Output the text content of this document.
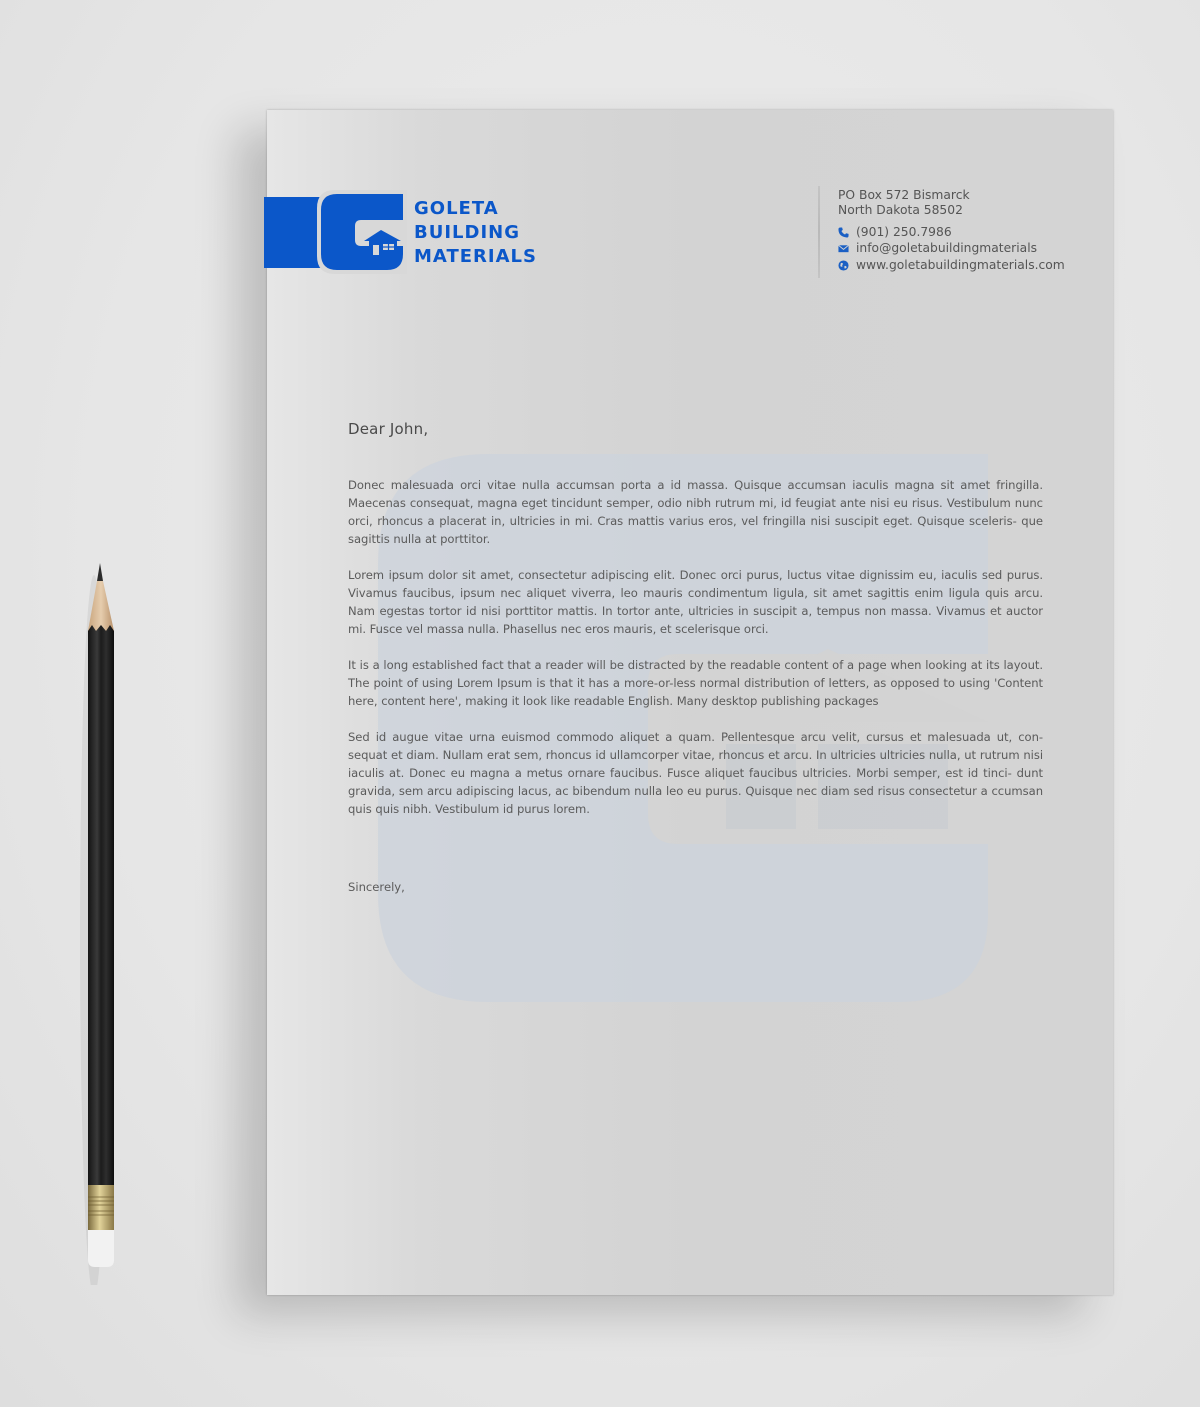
GOLETA
BUILDING
MATERIALS
PO Box 572 Bismarck
North Dakota 58502
(901) 250.7986
info@goletabuildingmaterials
www.goletabuildingmaterials.com

Dear John,

Donec malesuada orci vitae nulla accumsan porta a id massa. Quisque accumsan iaculis magna sit amet fringilla. Maecenas consequat, magna eget tincidunt semper, odio nibh rutrum mi, id feugiat ante nisi eu risus. Vestibulum nunc orci, rhoncus a placerat in, ultricies in mi. Cras mattis varius eros, vel fringilla nisi suscipit eget. Quisque sceleris- que sagittis nulla at porttitor.

Lorem ipsum dolor sit amet, consectetur adipiscing elit. Donec orci purus, luctus vitae dignissim eu, iaculis sed purus. Vivamus faucibus, ipsum nec aliquet viverra, leo mauris condimentum ligula, sit amet sagittis enim ligula quis arcu. Nam egestas tortor id nisi porttitor mattis. In tortor ante, ultricies in suscipit a, tempus non massa. Vivamus et auctor mi. Fusce vel massa nulla. Phasellus nec eros mauris, et scelerisque orci.

It is a long established fact that a reader will be distracted by the readable content of a page when looking at its layout. The point of using Lorem Ipsum is that it has a more-or-less normal distribution of letters, as opposed to using 'Content here, content here', making it look like readable English. Many desktop publishing packages

Sed id augue vitae urna euismod commodo aliquet a quam. Pellentesque arcu velit, cursus et malesuada ut, con- sequat et diam. Nullam erat sem, rhoncus id ullamcorper vitae, rhoncus et arcu. In ultricies ultricies nulla, ut rutrum nisi iaculis at. Donec eu magna a metus ornare faucibus. Fusce aliquet faucibus ultricies. Morbi semper, est id tinci- dunt gravida, sem arcu adipiscing lacus, ac bibendum nulla leo eu purus. Quisque nec diam sed risus consectetur a ccumsan quis quis nibh. Vestibulum id purus lorem.

Sincerely,
